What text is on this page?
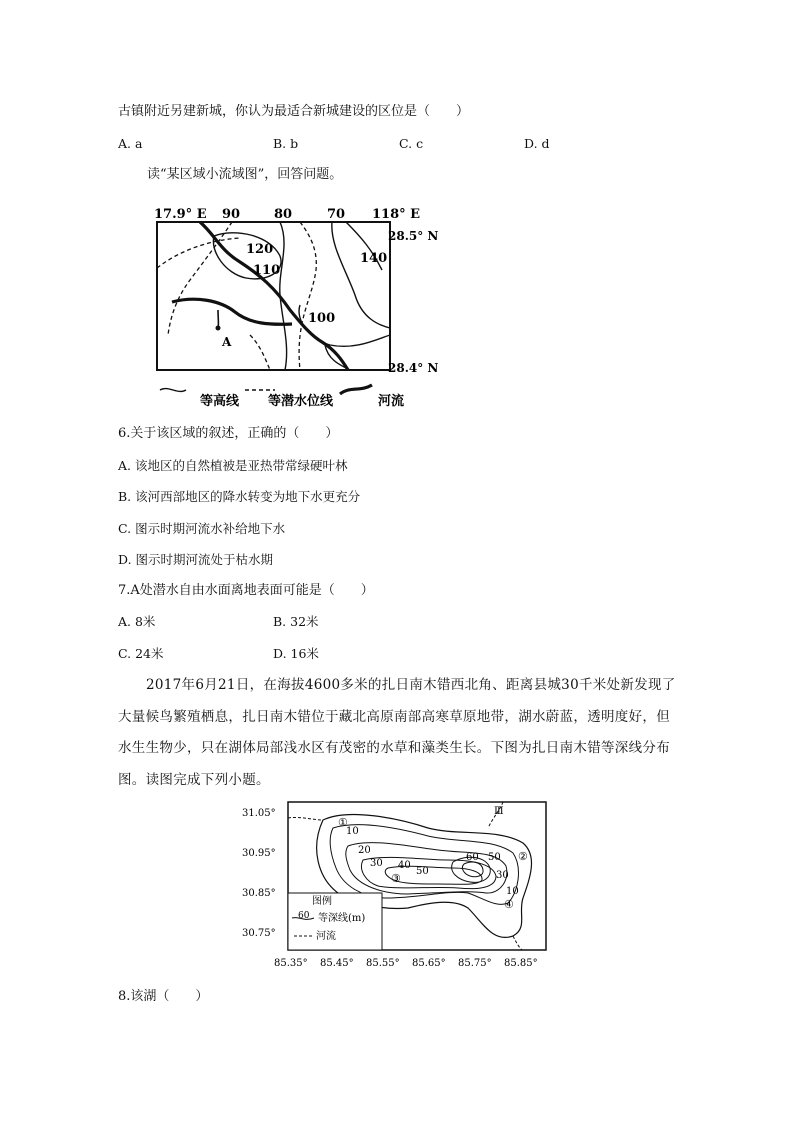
古镇附近另建新城，你认为最适合新城建设的区位是（　　）
A. a	B. b	C. c	D. d
读“某区域小流域图”，回答问题。
17.9° E 90	80	70 118° E
28.5° N
28.4° N
120
110
140
100
A
等高线 等潜水位线	河流
6.关于该区域的叙述，正确的（　　）
A. 该地区的自然植被是亚热带常绿硬叶林
B. 该河西部地区的降水转变为地下水更充分
C. 图示时期河流水补给地下水
D. 图示时期河流处于枯水期
7.A处潜水自由水面离地表面可能是（　　）
A. 8米	B. 32米
C. 24米	D. 16米
2017年6月21日，在海拔4600多米的扎日南木错西北角、距离县城30千米处新发现了大量候鸟繁殖栖息，扎日南木错位于藏北高原南部高寒草原地带，湖水蔚蓝，透明度好，但水生生物少，只在湖体局部浅水区有茂密的水草和藻类生长。下图为扎日南木错等深线分布图。读图完成下列小题。
31.05°
30.95°
30.85°
30.75°
85.35° 85.45° 85.55° 85.65° 85.75° 85.85°
10
20
30 40
50
60 50
30
10
①
②
③
④
Ⅲ
图例
60 等深线(m)
河流
8.该湖（　　）
